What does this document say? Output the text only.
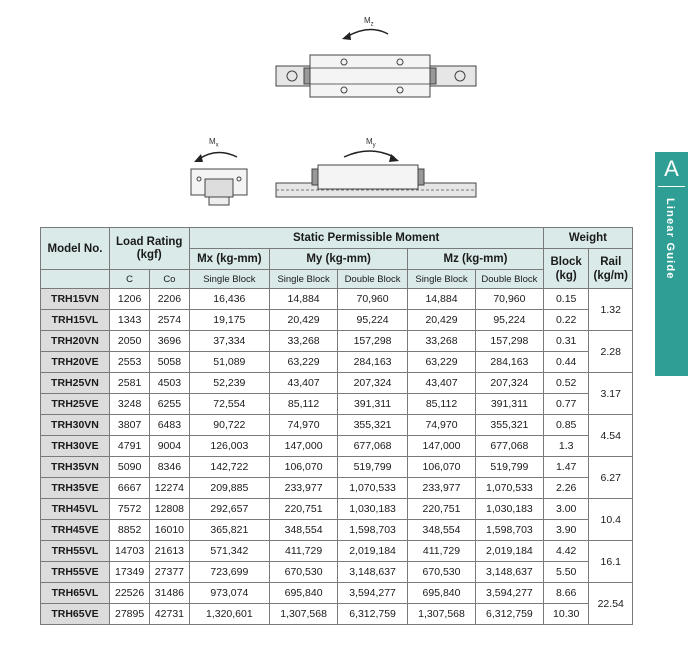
$M_z$
$M_x$	$M_y$
A
Linear Guide
Model No.	Load Rating (kgf)		Static Permissible Moment					Weight	
			Mx (kg-mm)	My (kg-mm)		Mz (kg-mm)		Block (kg)	Rail (kg/m)
	C	Co	Single Block	Single Block	Double Block	Single Block	Double Block		
TRH15VN	1206	2206	16,436	14,884	70,960	14,884	70,960	0.15	1.32
TRH15VL	1343	2574	19,175	20,429	95,224	20,429	95,224	0.22	
TRH20VN	2050	3696	37,334	33,268	157,298	33,268	157,298	0.31	2.28
TRH20VE	2553	5058	51,089	63,229	284,163	63,229	284,163	0.44	
TRH25VN	2581	4503	52,239	43,407	207,324	43,407	207,324	0.52	3.17
TRH25VE	3248	6255	72,554	85,112	391,311	85,112	391,311	0.77	
TRH30VN	3807	6483	90,722	74,970	355,321	74,970	355,321	0.85	4.54
TRH30VE	4791	9004	126,003	147,000	677,068	147,000	677,068	1.3	
TRH35VN	5090	8346	142,722	106,070	519,799	106,070	519,799	1.47	6.27
TRH35VE	6667	12274	209,885	233,977	1,070,533	233,977	1,070,533	2.26	
TRH45VL	7572	12808	292,657	220,751	1,030,183	220,751	1,030,183	3.00	10.4
TRH45VE	8852	16010	365,821	348,554	1,598,703	348,554	1,598,703	3.90	
TRH55VL	14703	21613	571,342	411,729	2,019,184	411,729	2,019,184	4.42	16.1
TRH55VE	17349	27377	723,699	670,530	3,148,637	670,530	3,148,637	5.50	
TRH65VL	22526	31486	973,074	695,840	3,594,277	695,840	3,594,277	8.66	22.54
TRH65VE	27895	42731	1,320,601	1,307,568	6,312,759	1,307,568	6,312,759	10.30	
